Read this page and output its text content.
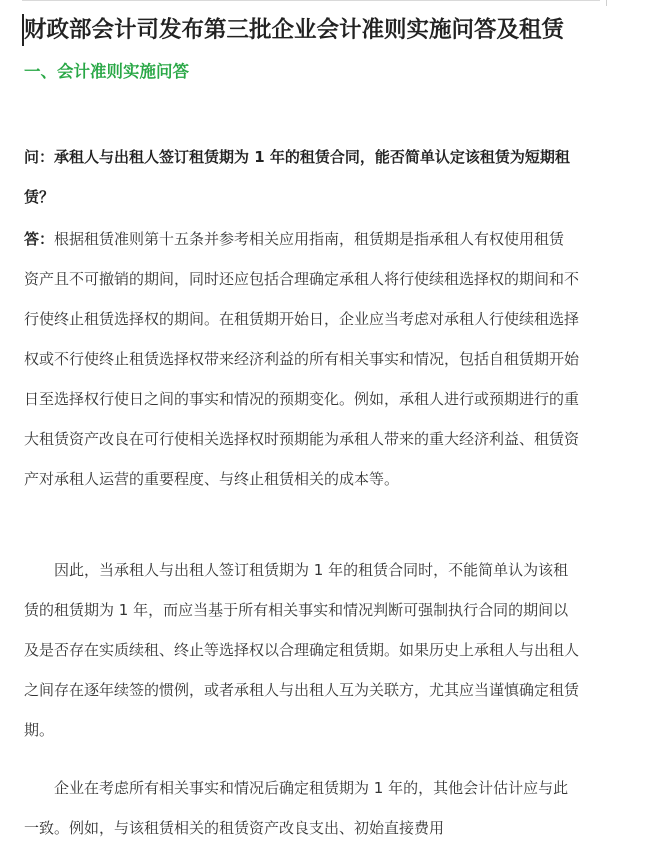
财政部会计司发布第三批企业会计准则实施问答及租赁
一、会计准则实施问答

问：承租人与出租人签订租赁期为 1 年的租赁合同，能否简单认定该租赁为短期租赁？

答：根据租赁准则第十五条并参考相关应用指南，租赁期是指承租人有权使用租赁资产且不可撤销的期间，同时还应包括合理确定承租人将行使续租选择权的期间和不行使终止租赁选择权的期间。在租赁期开始日，企业应当考虑对承租人行使续租选择权或不行使终止租赁选择权带来经济利益的所有相关事实和情况，包括自租赁期开始日至选择权行使日之间的事实和情况的预期变化。例如，承租人进行或预期进行的重大租赁资产改良在可行使相关选择权时预期能为承租人带来的重大经济利益、租赁资产对承租人运营的重要程度、与终止租赁相关的成本等。

因此，当承租人与出租人签订租赁期为 1 年的租赁合同时，不能简单认为该租赁的租赁期为 1 年，而应当基于所有相关事实和情况判断可强制执行合同的期间以及是否存在实质续租、终止等选择权以合理确定租赁期。如果历史上承租人与出租人之间存在逐年续签的惯例，或者承租人与出租人互为关联方，尤其应当谨慎确定租赁期。

企业在考虑所有相关事实和情况后确定租赁期为 1 年的，其他会计估计应与此一致。例如，与该租赁相关的租赁资产改良支出、初始直接费用
